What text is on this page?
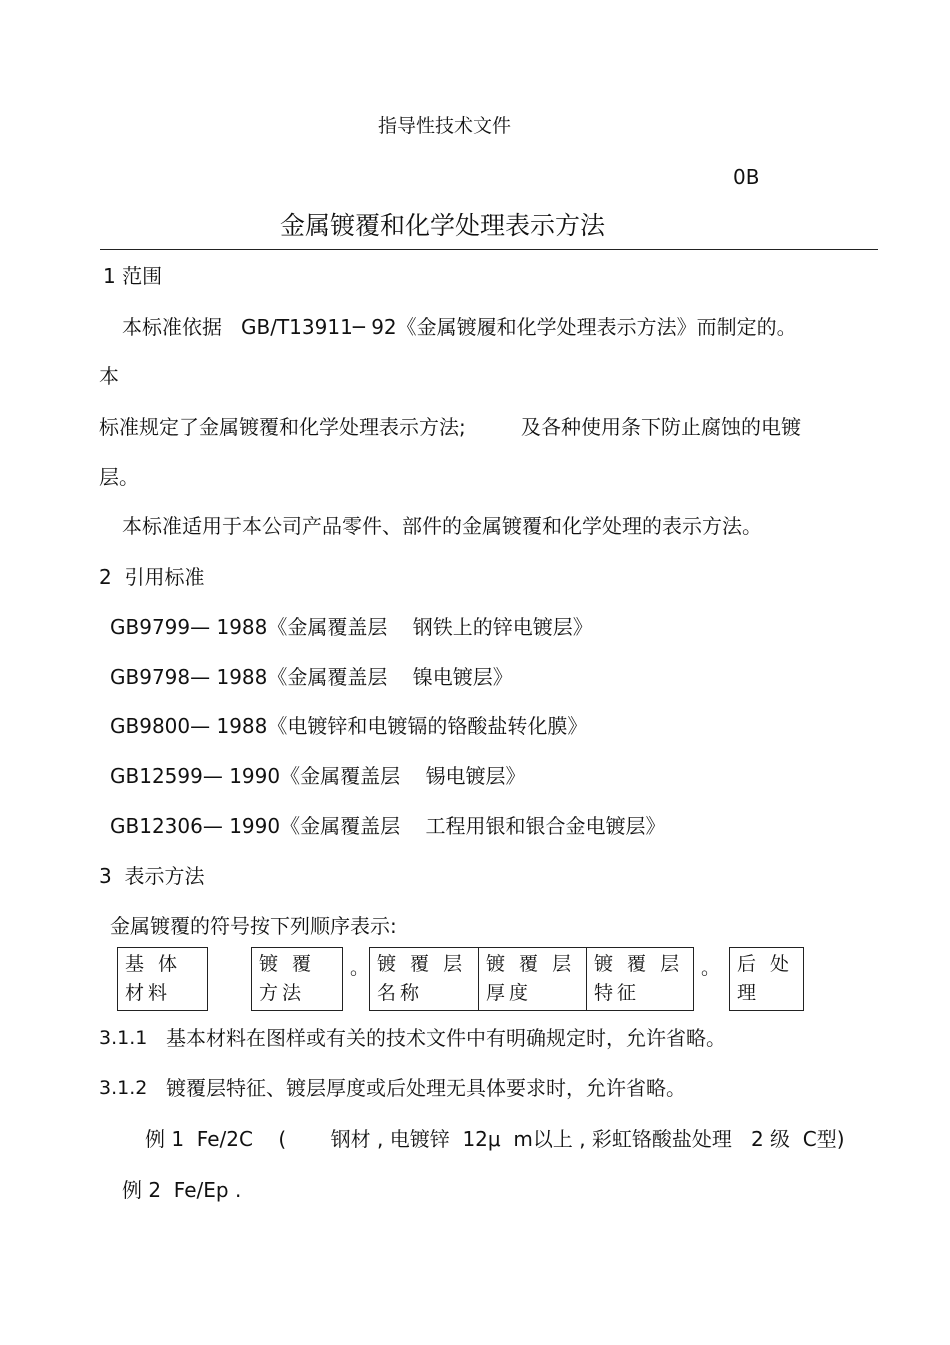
指导性技术文件
0B
金属镀覆和化学处理表示方法
1 范围
本标准依据 GB/T13911─ 92《金属镀履和化学处理表示方法》而制定的。
本
标准规定了金属镀覆和化学处理表示方法;	及各种使用条下防止腐蚀的电镀
层。
本标准适用于本公司产品零件、部件的金属镀覆和化学处理的表示方法。
2  引用标准
GB9799— 1988《金属覆盖层    钢铁上的锌电镀层》
GB9798— 1988《金属覆盖层    镍电镀层》
GB9800— 1988《电镀锌和电镀镉的铬酸盐转化膜》
GB12599— 1990《金属覆盖层    锡电镀层》
GB12306— 1990《金属覆盖层    工程用银和银合金电镀层》
3  表示方法
金属镀覆的符号按下列顺序表示:
基 体 材料
镀 覆 方法
。 镀 覆 层 名称
镀 覆 层 厚度
镀 覆 层 特征
。 后 处理
3.1.1 基本材料在图样或有关的技术文件中有明确规定时，允许省略。
3.1.2 镀覆层特征、镀层厚度或后处理无具体要求时，允许省略。
例 1  Fe/2C    (       钢材 , 电镀锌  12μ  m以上 , 彩虹铬酸盐处理   2 级  C型)
例 2  Fe/Ep .
